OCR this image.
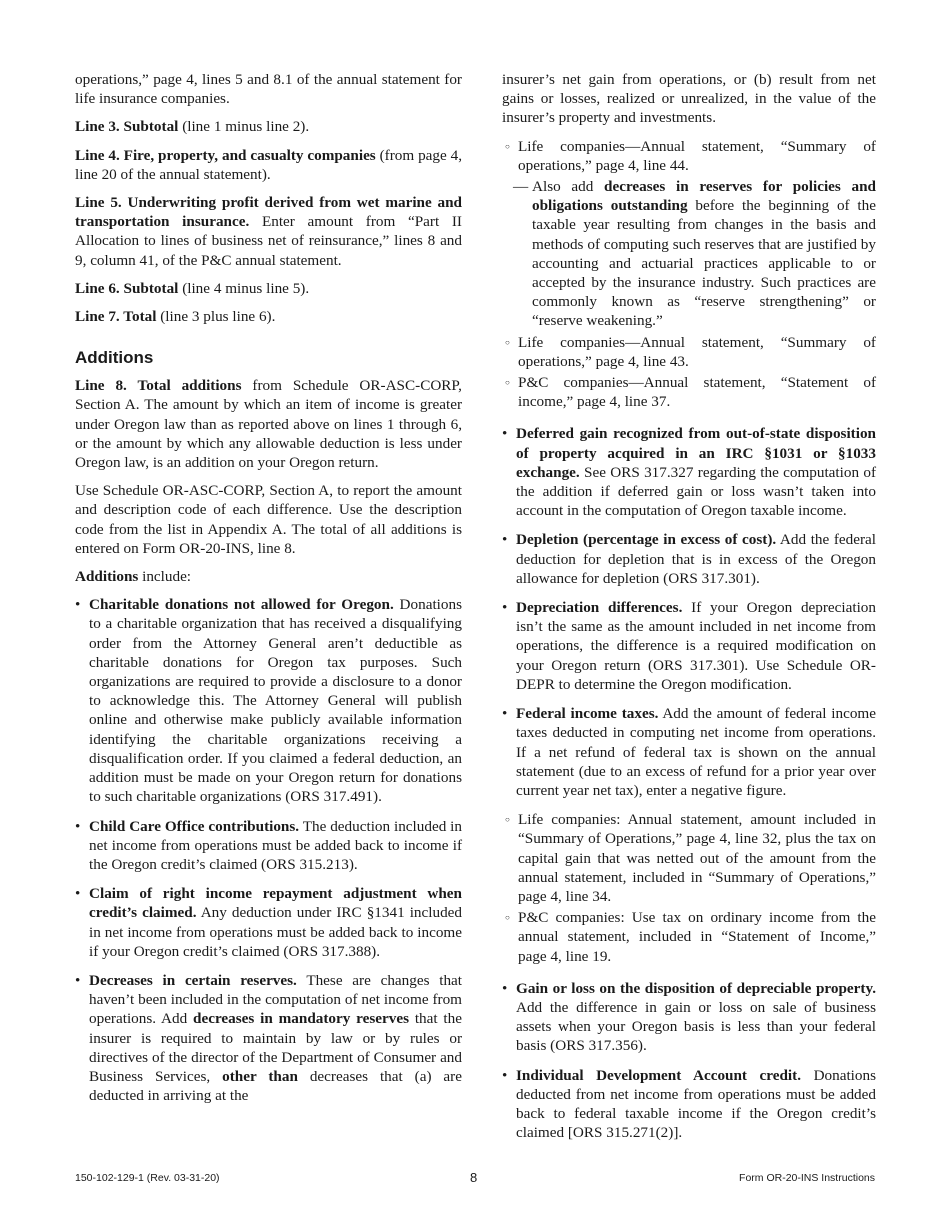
operations,” page 4, lines 5 and 8.1 of the annual statement for life insurance companies.

Line 3. Subtotal (line 1 minus line 2).

Line 4. Fire, property, and casualty companies (from page 4, line 20 of the annual statement).

Line 5. Underwriting profit derived from wet marine and transportation insurance. Enter amount from “Part II Allocation to lines of business net of reinsurance,” lines 8 and 9, column 41, of the P&C annual statement.

Line 6. Subtotal (line 4 minus line 5).

Line 7. Total (line 3 plus line 6).

Additions

Line 8. Total additions from Schedule OR-ASC-CORP, Section A. The amount by which an item of income is greater under Oregon law than as reported above on lines 1 through 6, or the amount by which any allowable deduction is less under Oregon law, is an addition on your Oregon return.

Use Schedule OR-ASC-CORP, Section A, to report the amount and description code of each difference. Use the description code from the list in Appendix A. The total of all additions is entered on Form OR-20-INS, line 8.

Additions include:

• Charitable donations not allowed for Oregon. Donations to a charitable organization that has received a disqualifying order from the Attorney General aren’t deductible as charitable donations for Oregon tax purposes. Such organizations are required to provide a disclosure to a donor to acknowledge this. The Attorney General will publish online and otherwise make publicly available information identifying the charitable organizations receiving a disqualification order. If you claimed a federal deduction, an addition must be made on your Oregon return for donations to such charitable organizations (ORS 317.491).
• Child Care Office contributions. The deduction included in net income from operations must be added back to income if the Oregon credit’s claimed (ORS 315.213).
• Claim of right income repayment adjustment when credit’s claimed. Any deduction under IRC §1341 included in net income from operations must be added back to income if your Oregon credit’s claimed (ORS 317.388).
• Decreases in certain reserves. These are changes that haven’t been included in the computation of net income from operations. Add decreases in mandatory reserves that the insurer is required to maintain by law or by rules or directives of the director of the Department of Consumer and Business Services, other than decreases that (a) are deducted in arriving at the

insurer’s net gain from operations, or (b) result from net gains or losses, realized or unrealized, in the value of the insurer’s property and investments.

○ Life companies—Annual statement, “Summary of operations,” page 4, line 44.
— Also add decreases in reserves for policies and obligations outstanding before the beginning of the taxable year resulting from changes in the basis and methods of computing such reserves that are justified by accounting and actuarial practices applicable to or accepted by the insurance industry. Such practices are commonly known as “reserve strengthening” or “reserve weakening.”
○ Life companies—Annual statement, “Summary of operations,” page 4, line 43.
○ P&C companies—Annual statement, “Statement of income,” page 4, line 37.
• Deferred gain recognized from out-of-state disposition of property acquired in an IRC §1031 or §1033 exchange. See ORS 317.327 regarding the computation of the addition if deferred gain or loss wasn’t taken into account in the computation of Oregon taxable income.
• Depletion (percentage in excess of cost). Add the federal deduction for depletion that is in excess of the Oregon allowance for depletion (ORS 317.301).
• Depreciation differences. If your Oregon depreciation isn’t the same as the amount included in net income from operations, the difference is a required modification on your Oregon return (ORS 317.301). Use Schedule OR-DEPR to determine the Oregon modification.
• Federal income taxes. Add the amount of federal income taxes deducted in computing net income from operations. If a net refund of federal tax is shown on the annual statement (due to an excess of refund for a prior year over current year net tax), enter a negative figure.
○ Life companies: Annual statement, amount included in “Summary of Operations,” page 4, line 32, plus the tax on capital gain that was netted out of the amount from the annual statement, included in “Summary of Operations,” page 4, line 34.
○ P&C companies: Use tax on ordinary income from the annual statement, included in “Statement of Income,” page 4, line 19.
• Gain or loss on the disposition of depreciable property. Add the difference in gain or loss on sale of business assets when your Oregon basis is less than your federal basis (ORS 317.356).
• Individual Development Account credit. Donations deducted from net income from operations must be added back to federal taxable income if the Oregon credit’s claimed [ORS 315.271(2)].
150-102-129-1 (Rev. 03-31-20)	8	Form OR-20-INS Instructions
